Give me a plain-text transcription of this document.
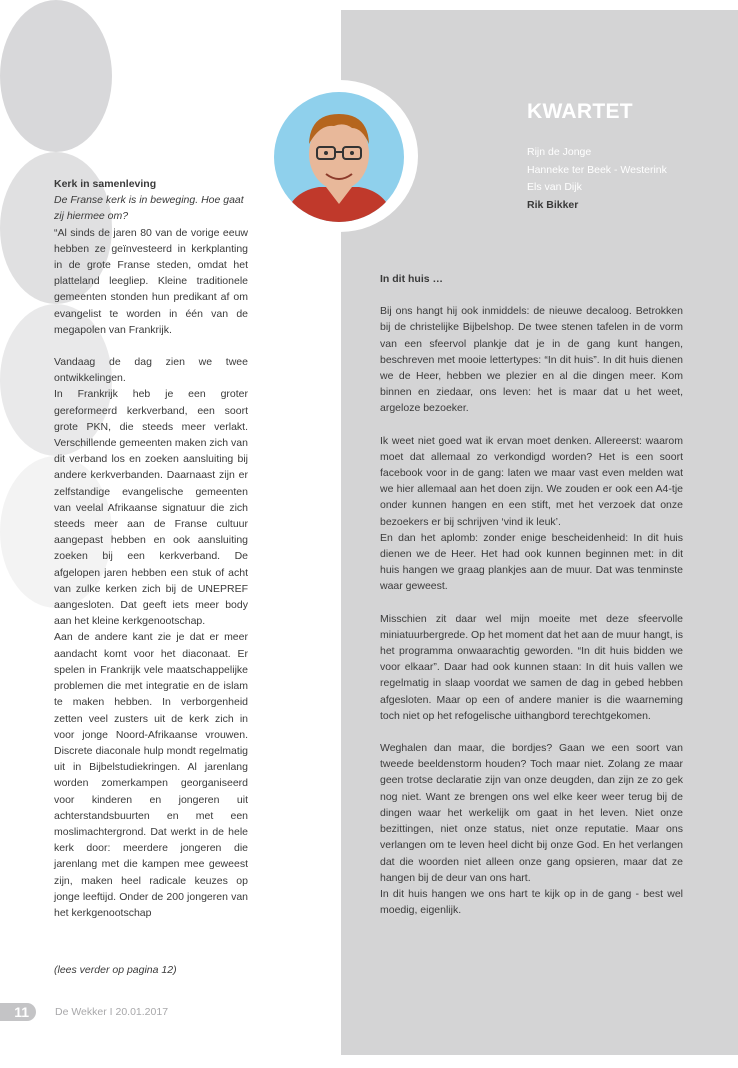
KWARTET
Rijn de Jonge
Hanneke ter Beek - Westerink
Els van Dijk
Rik Bikker
Kerk in samenleving
De Franse kerk is in beweging. Hoe gaat zij hiermee om?

“Al sinds de jaren 80 van de vorige eeuw hebben ze geïnvesteerd in kerkplanting in de grote Franse steden, omdat het platteland leegliep. Kleine traditionele gemeenten stonden hun predikant af om evangelist te worden in één van de megapolen van Frankrijk.

Vandaag de dag zien we twee ontwikkelingen.

In Frankrijk heb je een groter gereformeerd kerkverband, een soort grote PKN, die steeds meer verlakt. Verschillende gemeenten maken zich van dit verband los en zoeken aansluiting bij andere kerkverbanden. Daarnaast zijn er zelfstandige evangelische gemeenten van veelal Afrikaanse signatuur die zich steeds meer aan de Franse cultuur aangepast hebben en ook aansluiting zoeken bij een kerkverband. De afgelopen jaren hebben een stuk of acht van zulke kerken zich bij de UNEPREF aangesloten. Dat geeft iets meer body aan het kleine kerkgenootschap.

Aan de andere kant zie je dat er meer aandacht komt voor het diaconaat. Er spelen in Frankrijk vele maatschappelijke problemen die met integratie en de islam te maken hebben. In verborgenheid zetten veel zusters uit de kerk zich in voor jonge Noord-Afrikaanse vrouwen. Discrete diaconale hulp mondt regelmatig uit in Bijbelstudiekringen. Al jarenlang worden zomerkampen georganiseerd voor kinderen en jongeren uit achterstandsbuurten en met een moslimachtergrond. Dat werkt in de hele kerk door: meerdere jongeren die jarenlang met die kampen mee geweest zijn, maken heel radicale keuzes op jonge leeftijd. Onder de 200 jongeren van het kerkgenootschap

(lees verder op pagina 12)
In dit huis …

Bij ons hangt hij ook inmiddels: de nieuwe decaloog. Betrokken bij de christelijke Bijbelshop. De twee stenen tafelen in de vorm van een sfeervol plankje dat je in de gang kunt hangen, beschreven met mooie lettertypes: “In dit huis”. In dit huis dienen we de Heer, hebben we plezier en al die dingen meer. Kom binnen en ziedaar, ons leven: het is maar dat u het weet, argeloze bezoeker.

Ik weet niet goed wat ik ervan moet denken. Allereerst: waarom moet dat allemaal zo verkondigd worden? Het is een soort facebook voor in de gang: laten we maar vast even melden wat we hier allemaal aan het doen zijn. We zouden er ook een A4-tje onder kunnen hangen en een stift, met het verzoek dat onze bezoekers er bij schrijven ‘vind ik leuk’.

En dan het aplomb: zonder enige bescheidenheid: In dit huis dienen we de Heer. Het had ook kunnen beginnen met: in dit huis hangen we graag plankjes aan de muur. Dat was tenminste waar geweest.

Misschien zit daar wel mijn moeite met deze sfeervolle miniatuurbergrede. Op het moment dat het aan de muur hangt, is het programma onwaarachtig geworden. “In dit huis bidden we voor elkaar”. Daar had ook kunnen staan: In dit huis vallen we regelmatig in slaap voordat we samen de dag in gebed hebben afgesloten. Maar op een of andere manier is die waarneming toch niet op het refogelische uithangbord terechtgekomen.

Weghalen dan maar, die bordjes? Gaan we een soort van tweede beeldenstorm houden? Toch maar niet. Zolang ze maar geen trotse declaratie zijn van onze deugden, dan zijn ze zo gek nog niet. Want ze brengen ons wel elke keer weer terug bij de dingen waar het werkelijk om gaat in het leven. Niet onze bezittingen, niet onze status, niet onze reputatie. Maar ons verlangen om te leven heel dicht bij onze God. En het verlangen dat die woorden niet alleen onze gang opsieren, maar dat ze hangen bij de deur van ons hart.

In dit huis hangen we ons hart te kijk op in de gang - best wel moedig, eigenlijk.

11	De Wekker I 20.01.2017
